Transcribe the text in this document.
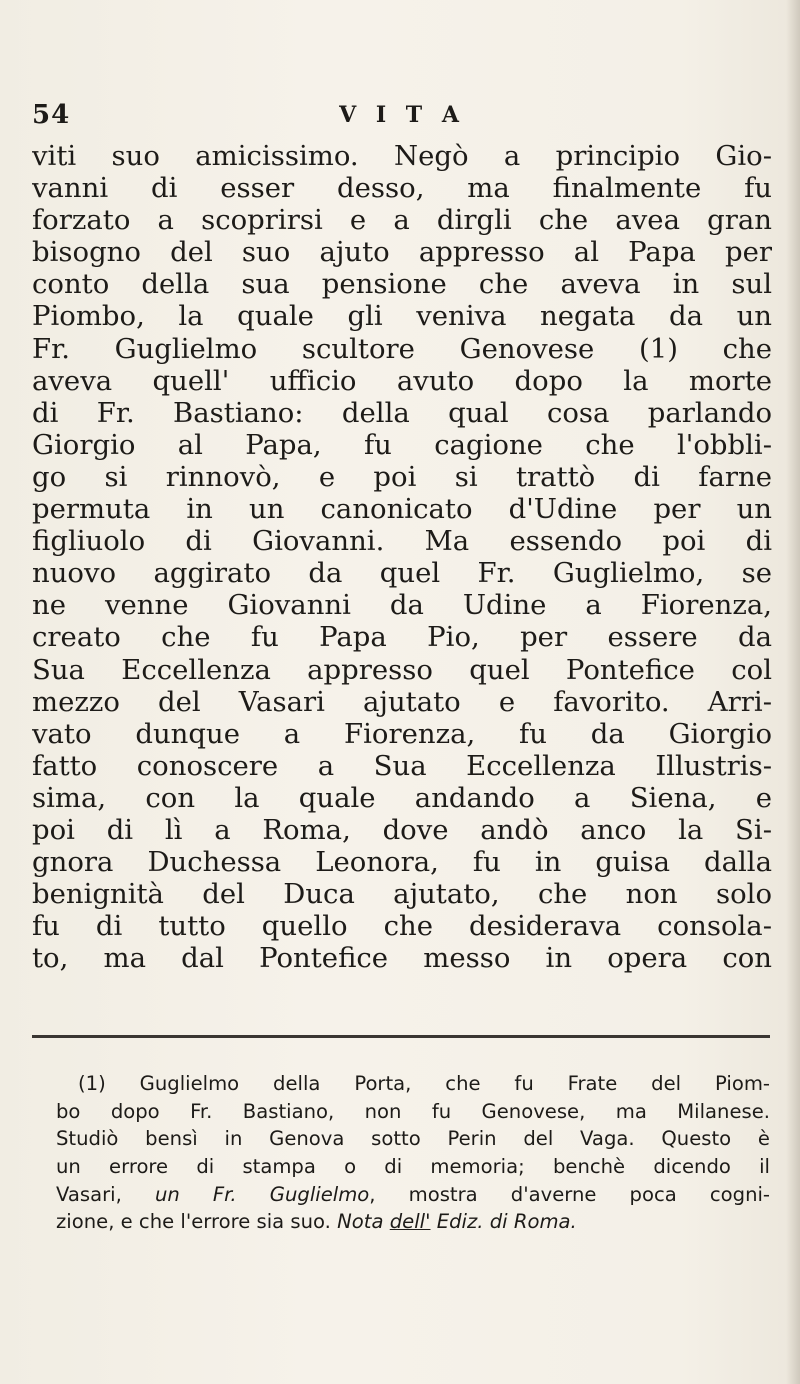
54	V I T A
viti suo amicissimo. Negò a principio Gio-
vanni di esser desso, ma finalmente fu
forzato a scoprirsi e a dirgli che avea gran
bisogno del suo ajuto appresso al Papa per
conto della sua pensione che aveva in sul
Piombo, la quale gli veniva negata da un
Fr. Guglielmo scultore Genovese (1) che
aveva quell' ufficio avuto dopo la morte
di Fr. Bastiano: della qual cosa parlando
Giorgio al Papa, fu cagione che l'obbli-
go si rinnovò, e poi si trattò di farne
permuta in un canonicato d'Udine per un
figliuolo di Giovanni. Ma essendo poi di
nuovo aggirato da quel Fr. Guglielmo, se
ne venne Giovanni da Udine a Fiorenza,
creato che fu Papa Pio, per essere da
Sua Eccellenza appresso quel Pontefice col
mezzo del Vasari ajutato e favorito. Arri-
vato dunque a Fiorenza, fu da Giorgio
fatto conoscere a Sua Eccellenza Illustris-
sima, con la quale andando a Siena, e
poi di lì a Roma, dove andò anco la Si-
gnora Duchessa Leonora, fu in guisa dalla
benignità del Duca ajutato, che non solo
fu di tutto quello che desiderava consola-
to, ma dal Pontefice messo in opera con
(1) Guglielmo della Porta, che fu Frate del Piom-
bo dopo Fr. Bastiano, non fu Genovese, ma Milanese.
Studiò bensì in Genova sotto Perin del Vaga. Questo è
un errore di stampa o di memoria; benchè dicendo il
Vasari, un Fr. Guglielmo, mostra d'averne poca cogni-
zione, e che l'errore sia suo. Nota dell' Ediz. di Roma.
